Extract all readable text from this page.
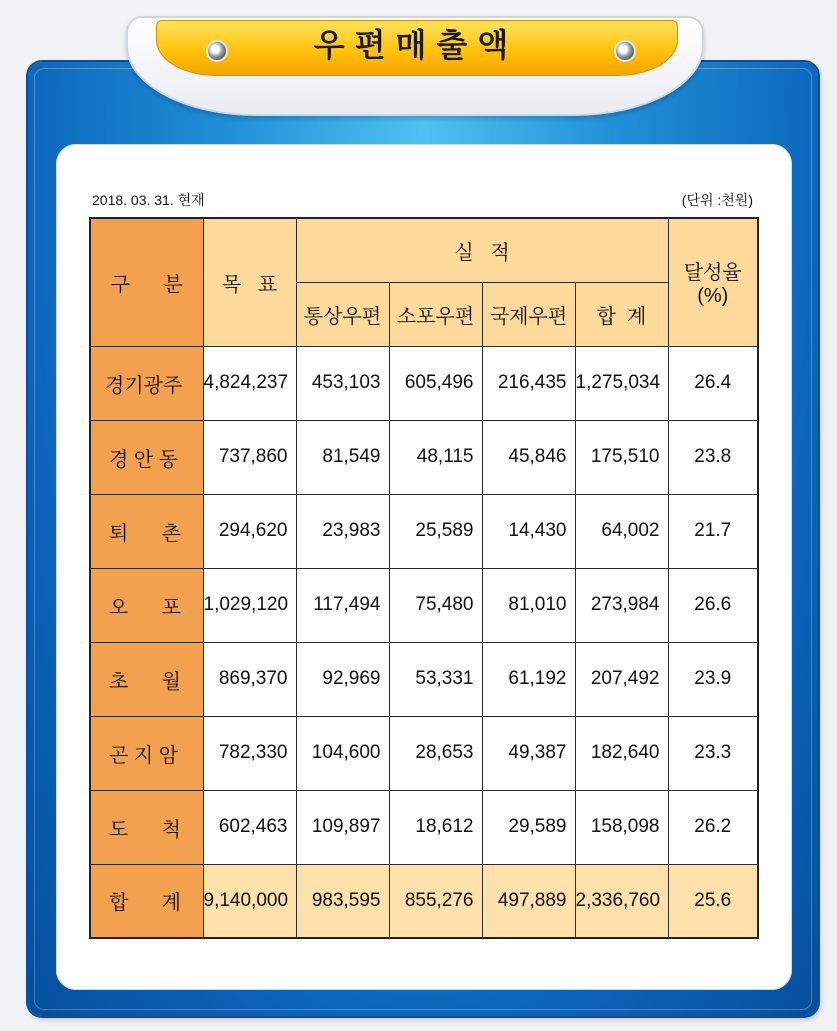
우편매출액
2018. 03. 31. 현재	(단위 :천원)
구      분	목   표	실   적				달성율(%)
		통상우편	소포우편	국제우편	합  계	
경기광주	4,824,237	453,103	605,496	216,435	1,275,034	26.4
경 안 동	737,860	81,549	48,115	45,846	175,510	23.8
퇴      촌	294,620	23,983	25,589	14,430	64,002	21.7
오      포	1,029,120	117,494	75,480	81,010	273,984	26.6
초      월	869,370	92,969	53,331	61,192	207,492	23.9
곤 지 암	782,330	104,600	28,653	49,387	182,640	23.3
도      척	602,463	109,897	18,612	29,589	158,098	26.2
합      계	9,140,000	983,595	855,276	497,889	2,336,760	25.6
